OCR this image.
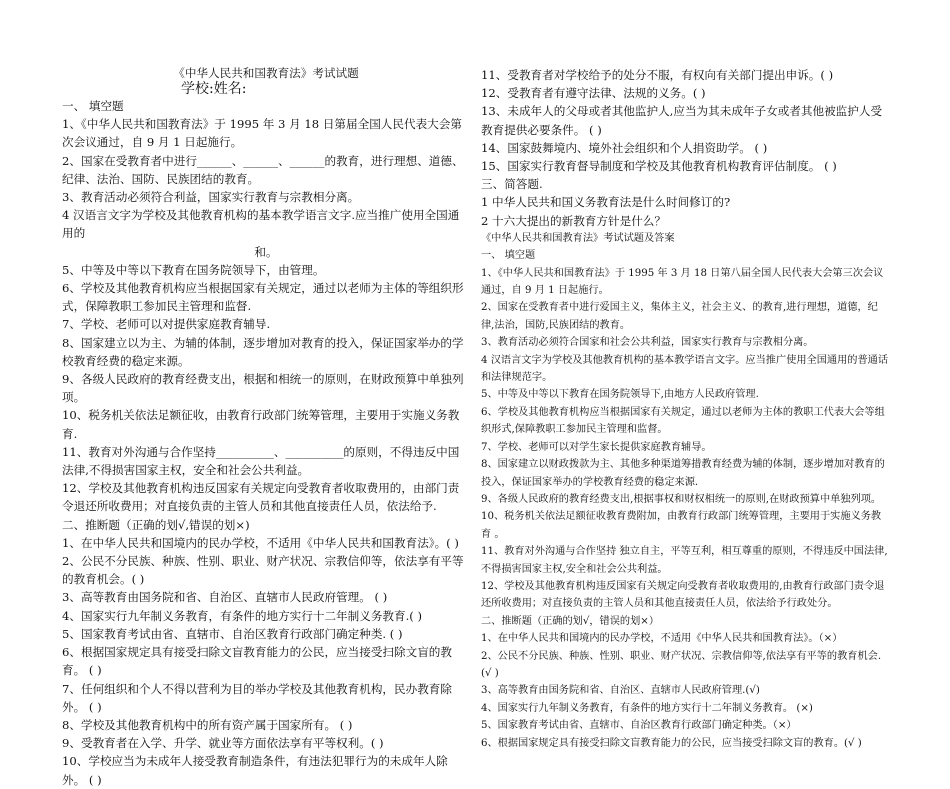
《中华人民共和国教育法》考试试题
学校:姓名:
一、 填空题
1、《中华人民共和国教育法》于 1995 年 3 月 18 日第届全国人民代表大会第次会议通过，自 9 月 1 日起施行。
2、国家在受教育者中进行______、______、______的教育，进行理想、道德、纪律、法治、国防、民族团结的教育。
3、教育活动必须符合利益，国家实行教育与宗教相分离。
4 汉语言文字为学校及其他教育机构的基本教学语言文字.应当推广使用全国通用的
和。
5、中等及中等以下教育在国务院领导下，由管理。
6、学校及其他教育机构应当根据国家有关规定，通过以老师为主体的等组织形式，保障教职工参加民主管理和监督.
7、学校、老师可以对提供家庭教育辅导.
8、国家建立以为主、为辅的体制，逐步增加对教育的投入，保证国家举办的学校教育经费的稳定来源。
9、各级人民政府的教育经费支出，根据和相统一的原则，在财政预算中单独列项。
10、税务机关依法足额征收，由教育行政部门统筹管理，主要用于实施义务教育.
11、教育对外沟通与合作坚持__________、__________的原则，不得违反中国法律,不得损害国家主权，安全和社会公共利益。
12、学校及其他教育机构违反国家有关规定向受教育者收取费用的，由部门责令退还所收费用；对直接负责的主管人员和其他直接责任人员，依法给予.
二、推断题（正确的划√,错误的划×)
1、在中华人民共和国境内的民办学校，不适用《中华人民共和国教育法》。( )
2、公民不分民族、种族、性别、职业、财产状况、宗教信仰等，依法享有平等的教育机会。( )
3、高等教育由国务院和省、自治区、直辖市人民政府管理。 ( )
4、国家实行九年制义务教育，有条件的地方实行十二年制义务教育.( )
5、国家教育考试由省、直辖市、自治区教育行政部门确定种类. ( )
6、根据国家规定具有接受扫除文盲教育能力的公民，应当接受扫除文盲的教育。 ( )
7、任何组织和个人不得以营利为目的举办学校及其他教育机构，民办教育除外。 ( )
8、学校及其他教育机构中的所有资产属于国家所有。 ( )
9、受教育者在入学、升学、就业等方面依法享有平等权利。( )
10、学校应当为未成年人接受教育制造条件，有违法犯罪行为的未成年人除外。 ( )
11、受教育者对学校给予的处分不服，有权向有关部门提出申诉。( )
12、受教育者有遵守法律、法规的义务。( )
13、未成年人的父母或者其他监护人,应当为其未成年子女或者其他被监护人受教育提供必要条件。 ( )
14、国家鼓舞境内、境外社会组织和个人捐资助学。 ( )
15、国家实行教育督导制度和学校及其他教育机构教育评估制度。 ( )
三、简答题.
1 中华人民共和国义务教育法是什么时间修订的?
2 十六大提出的新教育方针是什么？
《中华人民共和国教育法》考试试题及答案
一、 填空题
1、《中华人民共和国教育法》于 1995 年 3 月 18 日第八届全国人民代表大会第三次会议通过，自 9 月 1 日起施行。
2、国家在受教育者中进行爱国主义，集体主义，社会主义、的教育,进行理想，道德，纪律,法治，国防,民族团结的教育。
3、教育活动必须符合国家和社会公共利益，国家实行教育与宗教相分离。
4 汉语言文字为学校及其他教育机构的基本教学语言文字。应当推广使用全国通用的普通话 和法律规范字。
5、中等及中等以下教育在国务院领导下,由地方人民政府管理.
6、学校及其他教育机构应当根据国家有关规定，通过以老师为主体的教职工代表大会等组织形式,保障教职工参加民主管理和监督。
7、学校、老师可以对学生家长提供家庭教育辅导。
8、国家建立以财政拨款为主、其他多种渠道筹措教育经费为辅的体制，逐步增加对教育的投入，保证国家举办的学校教育经费的稳定来源.
9、各级人民政府的教育经费支出,根据事权和财权相统一的原则,在财政预算中单独列项。
10、税务机关依法足额征收教育费附加，由教育行政部门统筹管理，主要用于实施义务教育 。
11、教育对外沟通与合作坚持 独立自主，平等互利，相互尊重的原则，不得违反中国法律,不得损害国家主权,安全和社会公共利益。
12、学校及其他教育机构违反国家有关规定向受教育者收取费用的,由教育行政部门责令退还所收费用；对直接负责的主管人员和其他直接责任人员，依法给予行政处分。
二、推断题（正确的划√，错误的划×）
1、在中华人民共和国境内的民办学校，不适用《中华人民共和国教育法》。（×）
2、公民不分民族、种族、性别、职业、财产状况、宗教信仰等,依法享有平等的教育机会.(√ )
3、高等教育由国务院和省、自治区、直辖市人民政府管理.(√)
4、国家实行九年制义务教育，有条件的地方实行十二年制义务教育。 (×)
5、国家教育考试由省、直辖市、自治区教育行政部门确定种类。（×）
6、根据国家规定具有接受扫除文盲教育能力的公民，应当接受扫除文盲的教育。(√ )
